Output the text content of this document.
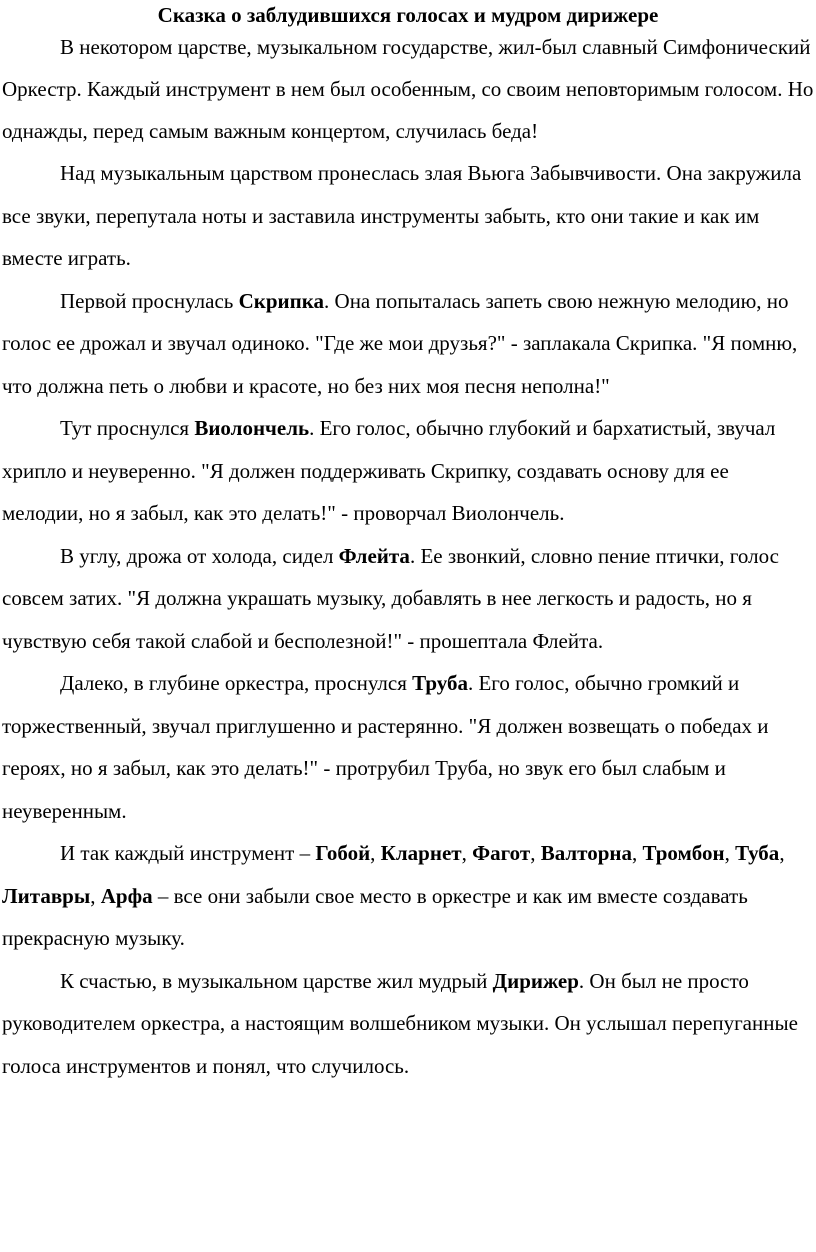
Сказка о заблудившихся голосах и мудром дирижере

В некотором царстве, музыкальном государстве, жил-был славный Симфонический Оркестр. Каждый инструмент в нем был особенным, со своим неповторимым голосом. Но однажды, перед самым важным концертом, случилась беда!

Над музыкальным царством пронеслась злая Вьюга Забывчивости. Она закружила все звуки, перепутала ноты и заставила инструменты забыть, кто они такие и как им вместе играть.

Первой проснулась Скрипка. Она попыталась запеть свою нежную мелодию, но голос ее дрожал и звучал одиноко. "Где же мои друзья?" - заплакала Скрипка. "Я помню, что должна петь о любви и красоте, но без них моя песня неполна!"

Тут проснулся Виолончель. Его голос, обычно глубокий и бархатистый, звучал хрипло и неуверенно. "Я должен поддерживать Скрипку, создавать основу для ее мелодии, но я забыл, как это делать!" - проворчал Виолончель.

В углу, дрожа от холода, сидел Флейта. Ее звонкий, словно пение птички, голос совсем затих. "Я должна украшать музыку, добавлять в нее легкость и радость, но я чувствую себя такой слабой и бесполезной!" - прошептала Флейта.

Далеко, в глубине оркестра, проснулся Труба. Его голос, обычно громкий и торжественный, звучал приглушенно и растерянно. "Я должен возвещать о победах и героях, но я забыл, как это делать!" - протрубил Труба, но звук его был слабым и неуверенным.

И так каждый инструмент – Гобой, Кларнет, Фагот, Валторна, Тромбон, Туба, Литавры, Арфа – все они забыли свое место в оркестре и как им вместе создавать прекрасную музыку.

К счастью, в музыкальном царстве жил мудрый Дирижер. Он был не просто руководителем оркестра, а настоящим волшебником музыки. Он услышал перепуганные голоса инструментов и понял, что случилось.
